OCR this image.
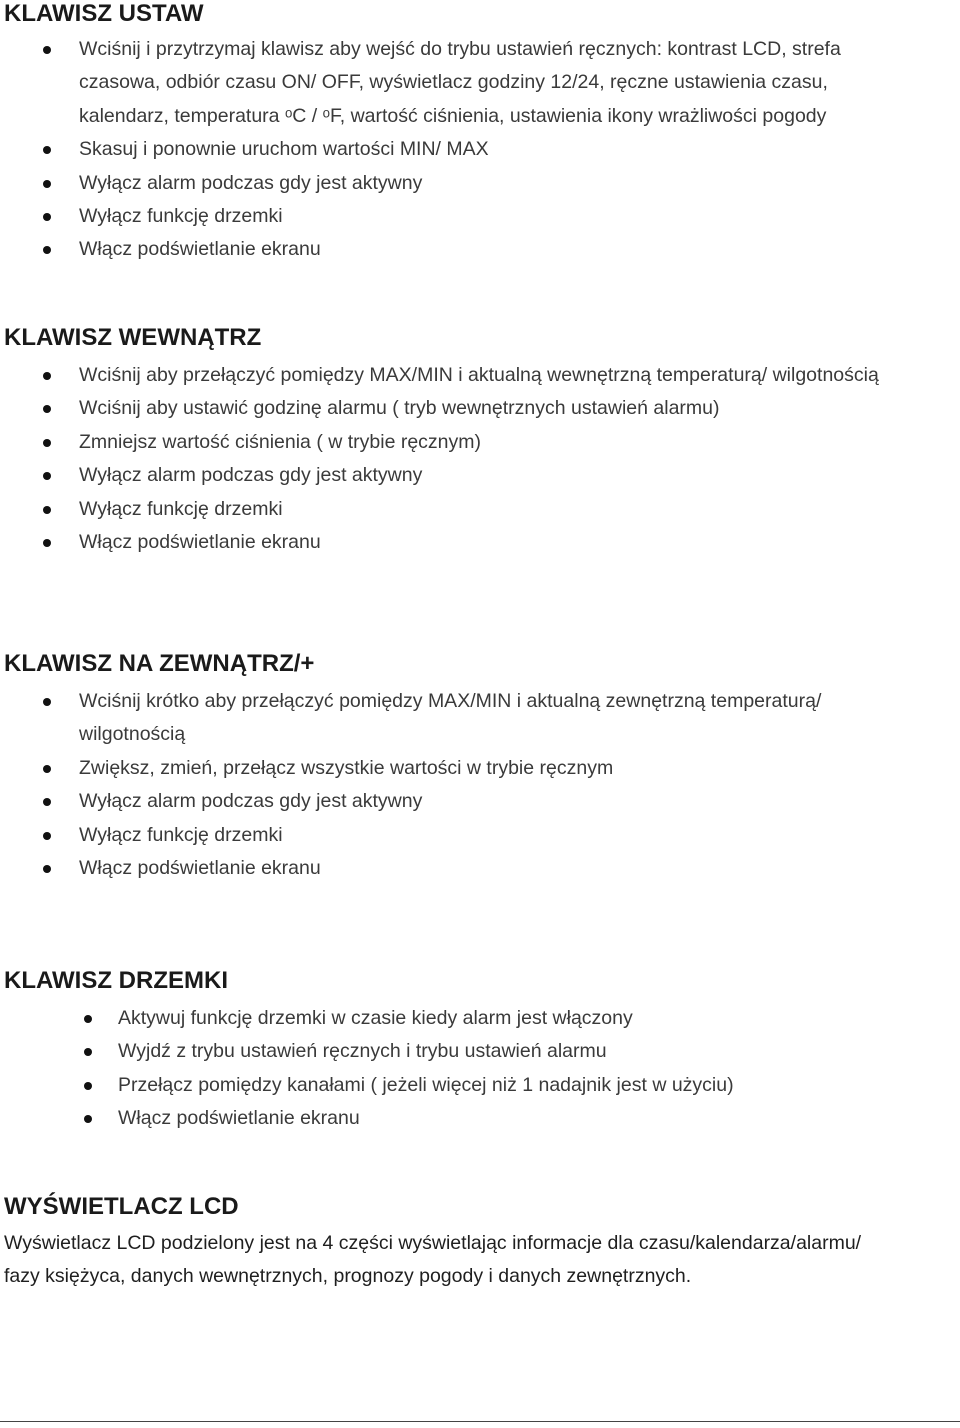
KLAWISZ USTAW
Wciśnij i przytrzymaj klawisz aby wejść do trybu ustawień ręcznych: kontrast LCD, strefa czasowa, odbiór czasu ON/ OFF, wyświetlacz godziny 12/24, ręczne ustawienia czasu, kalendarz, temperatura ᵒC / ᵒF, wartość ciśnienia, ustawienia ikony wrażliwości pogody
Skasuj i ponownie uruchom wartości MIN/ MAX
Wyłącz alarm podczas gdy jest aktywny
Wyłącz funkcję drzemki
Włącz podświetlanie ekranu
KLAWISZ WEWNĄTRZ
Wciśnij aby przełączyć pomiędzy MAX/MIN i aktualną wewnętrzną temperaturą/ wilgotnością
Wciśnij aby ustawić godzinę alarmu ( tryb wewnętrznych ustawień alarmu)
Zmniejsz wartość ciśnienia ( w trybie ręcznym)
Wyłącz alarm podczas gdy jest aktywny
Wyłącz funkcję drzemki
Włącz podświetlanie ekranu
KLAWISZ NA ZEWNĄTRZ/+
Wciśnij krótko aby przełączyć pomiędzy MAX/MIN i aktualną zewnętrzną temperaturą/ wilgotnością
Zwiększ, zmień, przełącz wszystkie wartości w trybie ręcznym
Wyłącz alarm podczas gdy jest aktywny
Wyłącz funkcję drzemki
Włącz podświetlanie ekranu
KLAWISZ DRZEMKI
Aktywuj funkcję drzemki w czasie kiedy alarm jest włączony
Wyjdź z trybu ustawień ręcznych i trybu ustawień alarmu
Przełącz pomiędzy kanałami ( jeżeli więcej niż 1 nadajnik jest w użyciu)
Włącz podświetlanie ekranu
WYŚWIETLACZ LCD

Wyświetlacz LCD podzielony jest na 4 części wyświetlając informacje dla czasu/kalendarza/alarmu/
fazy księżyca, danych wewnętrznych, prognozy pogody i danych zewnętrznych.
